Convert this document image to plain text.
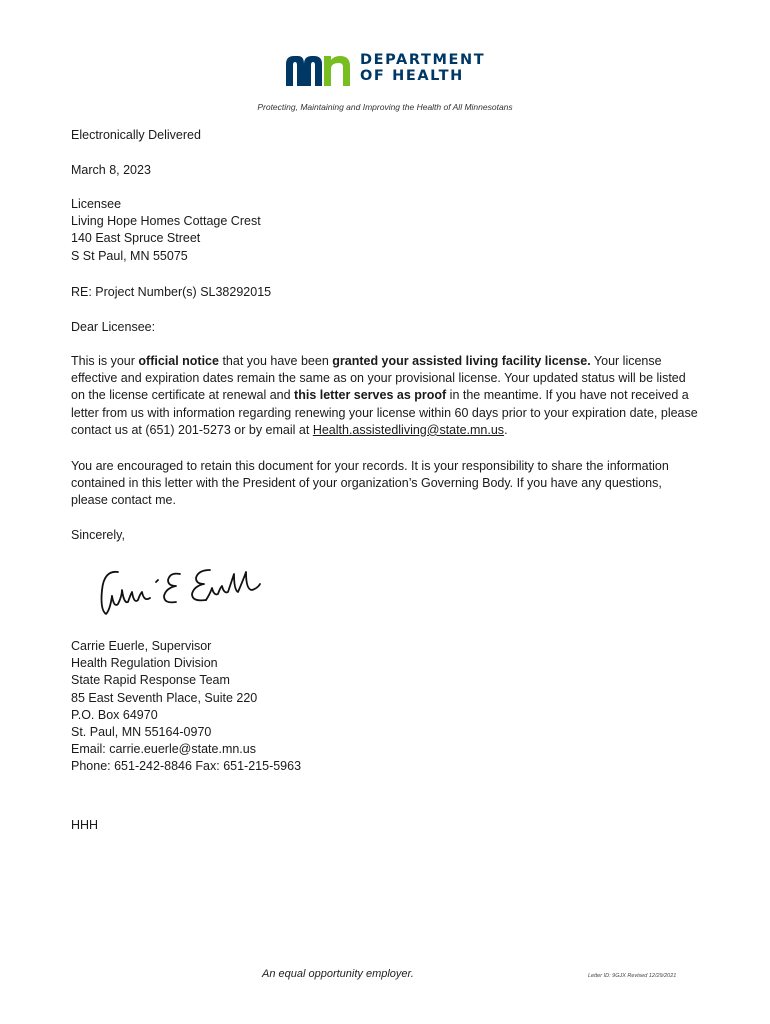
DEPARTMENT
OF HEALTH
Protecting, Maintaining and Improving the Health of All Minnesotans

Electronically Delivered

March 8, 2023

Licensee

Living Hope Homes Cottage Crest

140 East Spruce Street

S St Paul, MN 55075

RE: Project Number(s) SL38292015

Dear Licensee:

This is your official notice that you have been granted your assisted living facility license. Your license effective and expiration dates remain the same as on your provisional license. Your updated status will be listed on the license certificate at renewal and this letter serves as proof in the meantime. If you have not received a letter from us with information regarding renewing your license within 60 days prior to your expiration date, please contact us at (651) 201-5273 or by email at Health.assistedliving@state.mn.us.

You are encouraged to retain this document for your records. It is your responsibility to share the information contained in this letter with the President of your organization’s Governing Body. If you have any questions, please contact me.

Sincerely,

Carrie Euerle, Supervisor

Health Regulation Division

State Rapid Response Team

85 East Seventh Place, Suite 220

P.O. Box 64970

St. Paul, MN 55164-0970

Email: carrie.euerle@state.mn.us

Phone: 651-242-8846 Fax: 651-215-5963

HHH

An equal opportunity employer.	Letter ID: 9GJX Revised 12/29/2021
